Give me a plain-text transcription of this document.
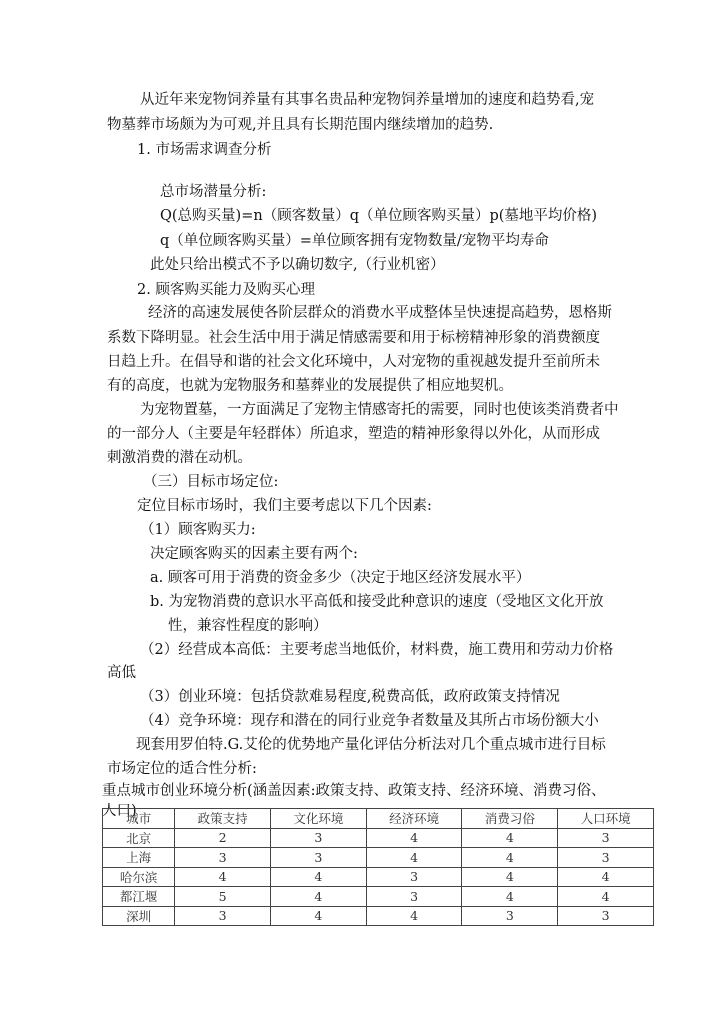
从近年来宠物饲养量有其事名贵品种宠物饲养量增加的速度和趋势看,宠
物墓葬市场颇为为可观,并且具有长期范围内继续增加的趋势.
1. 市场需求调查分析
总市场潜量分析:
Q(总购买量)=n（顾客数量）q（单位顾客购买量）p(墓地平均价格)
q（单位顾客购买量）=单位顾客拥有宠物数量/宠物平均寿命
此处只给出模式不予以确切数字,（行业机密）
2. 顾客购买能力及购买心理
经济的高速发展使各阶层群众的消费水平成整体呈快速提高趋势，恩格斯
系数下降明显。社会生活中用于满足情感需要和用于标榜精神形象的消费额度
日趋上升。在倡导和谐的社会文化环境中，人对宠物的重视越发提升至前所未
有的高度，也就为宠物服务和墓葬业的发展提供了相应地契机。
为宠物置墓，一方面满足了宠物主情感寄托的需要，同时也使该类消费者中
的一部分人（主要是年轻群体）所追求，塑造的精神形象得以外化，从而形成
刺激消费的潜在动机。
（三）目标市场定位:
定位目标市场时，我们主要考虑以下几个因素:
（1）顾客购买力:
决定顾客购买的因素主要有两个:
a. 顾客可用于消费的资金多少（决定于地区经济发展水平）
b. 为宠物消费的意识水平高低和接受此种意识的速度（受地区文化开放
性，兼容性程度的影响）
（2）经营成本高低：主要考虑当地低价，材料费，施工费用和劳动力价格
高低
（3）创业环境：包括贷款难易程度,税费高低，政府政策支持情况
（4）竞争环境：现存和潜在的同行业竞争者数量及其所占市场份额大小
现套用罗伯特.G.艾伦的优势地产量化评估分析法对几个重点城市进行目标
市场定位的适合性分析:
重点城市创业环境分析(涵盖因素:政策支持、政策支持、经济环境、消费习俗、
人口)
城市	政策支持	文化环境	经济环境	消费习俗	人口环境
北京	2	3	4	4	3
上海	3	3	4	4	3
哈尔滨	4	4	3	4	4
都江堰	5	4	3	4	4
深圳	3	4	4	3	3
